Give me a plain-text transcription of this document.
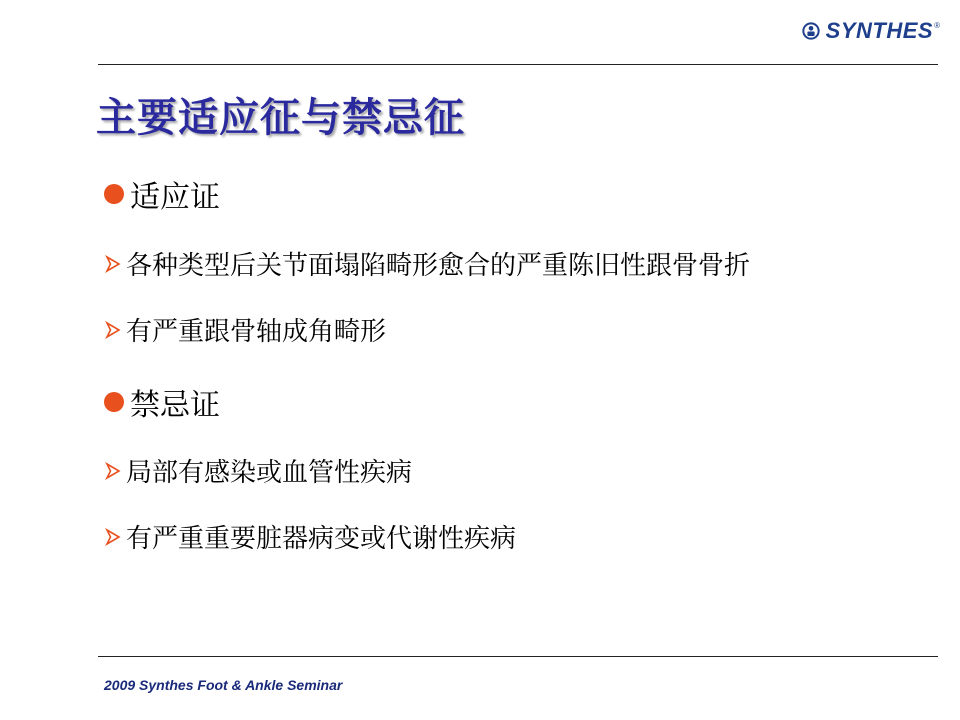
SYNTHES ®
主要适应征与禁忌征
适应证
各种类型后关节面塌陷畸形愈合的严重陈旧性跟骨骨折
有严重跟骨轴成角畸形
禁忌证
局部有感染或血管性疾病
有严重重要脏器病变或代谢性疾病
2009 Synthes Foot & Ankle Seminar
